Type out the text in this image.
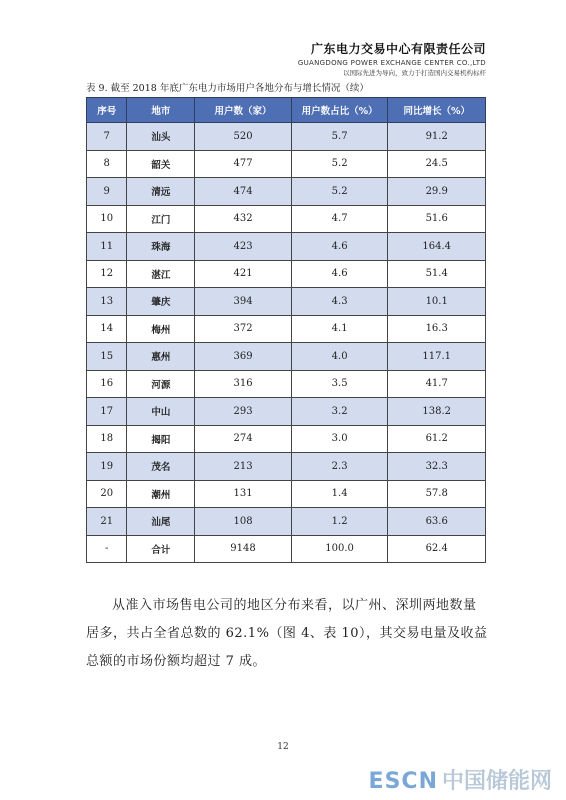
广东电力交易中心有限责任公司
GUANGDONG POWER EXCHANGE CENTER CO.,LTD
以国际先进为导向，致力于打造国内交易机构标杆
表 9. 截至 2018 年底广东电力市场用户各地分布与增长情况（续）
序号	地市	用户数（家）	用户数占比（%）	同比增长（%）
7	汕头	520	5.7	91.2
8	韶关	477	5.2	24.5
9	清远	474	5.2	29.9
10	江门	432	4.7	51.6
11	珠海	423	4.6	164.4
12	湛江	421	4.6	51.4
13	肇庆	394	4.3	10.1
14	梅州	372	4.1	16.3
15	惠州	369	4.0	117.1
16	河源	316	3.5	41.7
17	中山	293	3.2	138.2
18	揭阳	274	3.0	61.2
19	茂名	213	2.3	32.3
20	潮州	131	1.4	57.8
21	汕尾	108	1.2	63.6
-	合计	9148	100.0	62.4
从准入市场售电公司的地区分布来看，以广州、深圳两地数量居多，共占全省总数的 62.1%（图 4、表 10），其交易电量及收益总额的市场份额均超过 7 成。
12
ESCN 中国储能网
